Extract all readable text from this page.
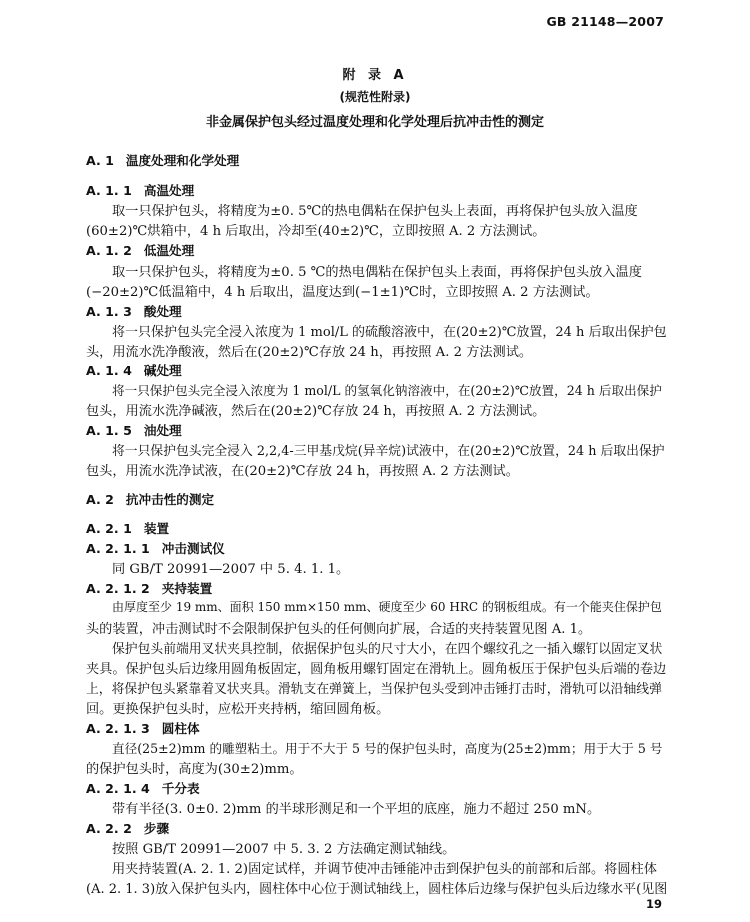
GB 21148—2007
附 录 A
(规范性附录)
非金属保护包头经过温度处理和化学处理后抗冲击性的测定
A. 1 温度处理和化学处理
A. 1. 1 高温处理
取一只保护包头，将精度为±0. 5℃的热电偶粘在保护包头上表面，再将保护包头放入温度
(60±2)℃烘箱中，4 h 后取出，冷却至(40±2)℃，立即按照 A. 2 方法测试。
A. 1. 2 低温处理
取一只保护包头，将精度为±0. 5 ℃的热电偶粘在保护包头上表面，再将保护包头放入温度
(−20±2)℃低温箱中，4 h 后取出，温度达到(−1±1)℃时，立即按照 A. 2 方法测试。
A. 1. 3 酸处理
将一只保护包头完全浸入浓度为 1 mol/L 的硫酸溶液中，在(20±2)℃放置，24 h 后取出保护包
头，用流水洗净酸液，然后在(20±2)℃存放 24 h，再按照 A. 2 方法测试。
A. 1. 4 碱处理
将一只保护包头完全浸入浓度为 1 mol/L 的氢氧化钠溶液中，在(20±2)℃放置，24 h 后取出保护
包头，用流水洗净碱液，然后在(20±2)℃存放 24 h，再按照 A. 2 方法测试。
A. 1. 5 油处理
将一只保护包头完全浸入 2,2,4-三甲基戊烷(异辛烷)试液中，在(20±2)℃放置，24 h 后取出保护
包头，用流水洗净试液，在(20±2)℃存放 24 h，再按照 A. 2 方法测试。
A. 2 抗冲击性的测定
A. 2. 1 装置
A. 2. 1. 1 冲击测试仪
同 GB/T 20991—2007 中 5. 4. 1. 1。
A. 2. 1. 2 夹持装置
由厚度至少 19 mm、面积 150 mm×150 mm、硬度至少 60 HRC 的钢板组成。有一个能夹住保护包
头的装置，冲击测试时不会限制保护包头的任何侧向扩展，合适的夹持装置见图 A. 1。
保护包头前端用叉状夹具控制，依据保护包头的尺寸大小，在四个螺纹孔之一插入螺钉以固定叉状
夹具。保护包头后边缘用圆角板固定，圆角板用螺钉固定在滑轨上。圆角板压于保护包头后端的卷边
上，将保护包头紧靠着叉状夹具。滑轨支在弹簧上，当保护包头受到冲击锤打击时，滑轨可以沿轴线弹
回。更换保护包头时，应松开夹持柄，缩回圆角板。
A. 2. 1. 3 圆柱体
直径(25±2)mm 的雕塑粘土。用于不大于 5 号的保护包头时，高度为(25±2)mm；用于大于 5 号
的保护包头时，高度为(30±2)mm。
A. 2. 1. 4 千分表
带有半径(3. 0±0. 2)mm 的半球形测足和一个平坦的底座，施力不超过 250 mN。
A. 2. 2 步骤
按照 GB/T 20991—2007 中 5. 3. 2 方法确定测试轴线。
用夹持装置(A. 2. 1. 2)固定试样，并调节使冲击锤能冲击到保护包头的前部和后部。将圆柱体
(A. 2. 1. 3)放入保护包头内，圆柱体中心位于测试轴线上，圆柱体后边缘与保护包头后边缘水平(见图
19
